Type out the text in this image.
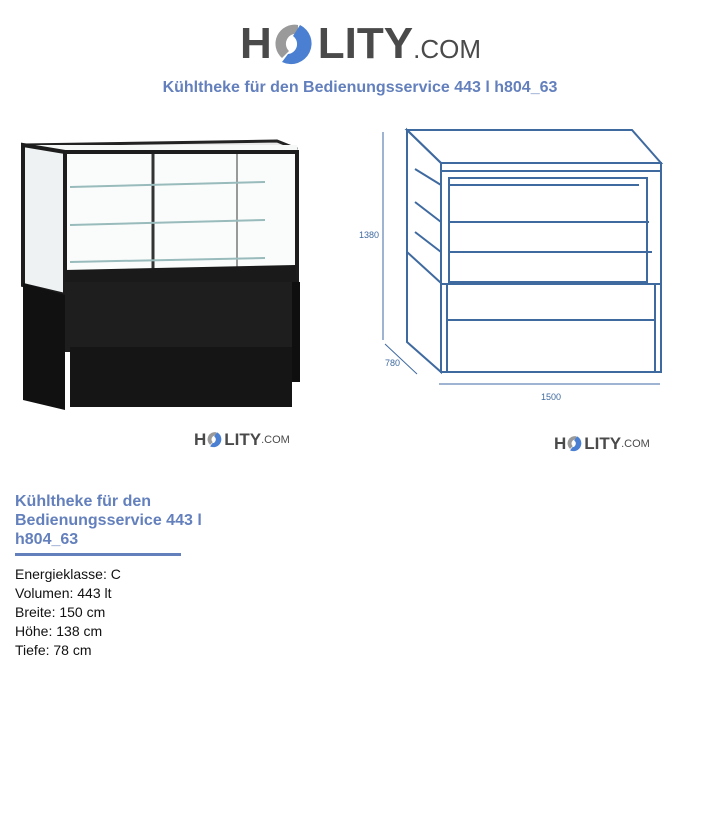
H LITY .COM
Kühltheke für den Bedienungsservice 443 l h804_63
H LITY .COM
1380
780
1500
H LITY .COM
Kühltheke für den Bedienungsservice 443 l h804_63
Energieklasse: C
Volumen: 443 lt
Breite: 150 cm
Höhe: 138 cm
Tiefe: 78 cm
